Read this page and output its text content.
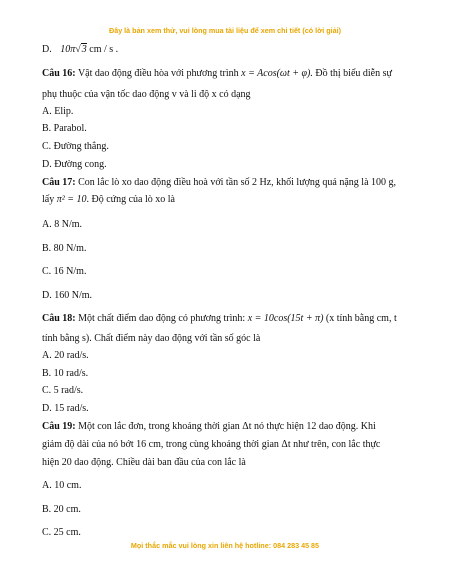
Đây là bản xem thử, vui lòng mua tài liệu để xem chi tiết (có lời giải)
D. 10π√3 cm / s .
Câu 16: Vật dao động điều hòa với phương trình x = Acos(ωt + φ). Đồ thị biểu diễn sự
phụ thuộc của vận tốc dao động v và li độ x có dạng
A. Elip.
B. Parabol.
C. Đường thẳng.
D. Đường cong.
Câu 17: Con lắc lò xo dao động điều hoà với tần số 2 Hz, khối lượng quả nặng là 100 g,
lấy π² = 10. Độ cứng của lò xo là
A. 8 N/m.
B. 80 N/m.
C. 16 N/m.
D. 160 N/m.
Câu 18: Một chất điểm dao động có phương trình: x = 10cos(15t + π) (x tính bằng cm, t
tính bằng s). Chất điểm này dao động với tần số góc là
A. 20 rad/s.
B. 10 rad/s.
C. 5 rad/s.
D. 15 rad/s.
Câu 19: Một con lắc đơn, trong khoảng thời gian Δt nó thực hiện 12 dao động. Khi
giảm độ dài của nó bớt 16 cm, trong cùng khoảng thời gian Δt như trên, con lắc thực
hiện 20 dao động. Chiều dài ban đầu của con lắc là
A. 10 cm.
B. 20 cm.
C. 25 cm.
Mọi thắc mắc vui lòng xin liên hệ hotline: 084 283 45 85
